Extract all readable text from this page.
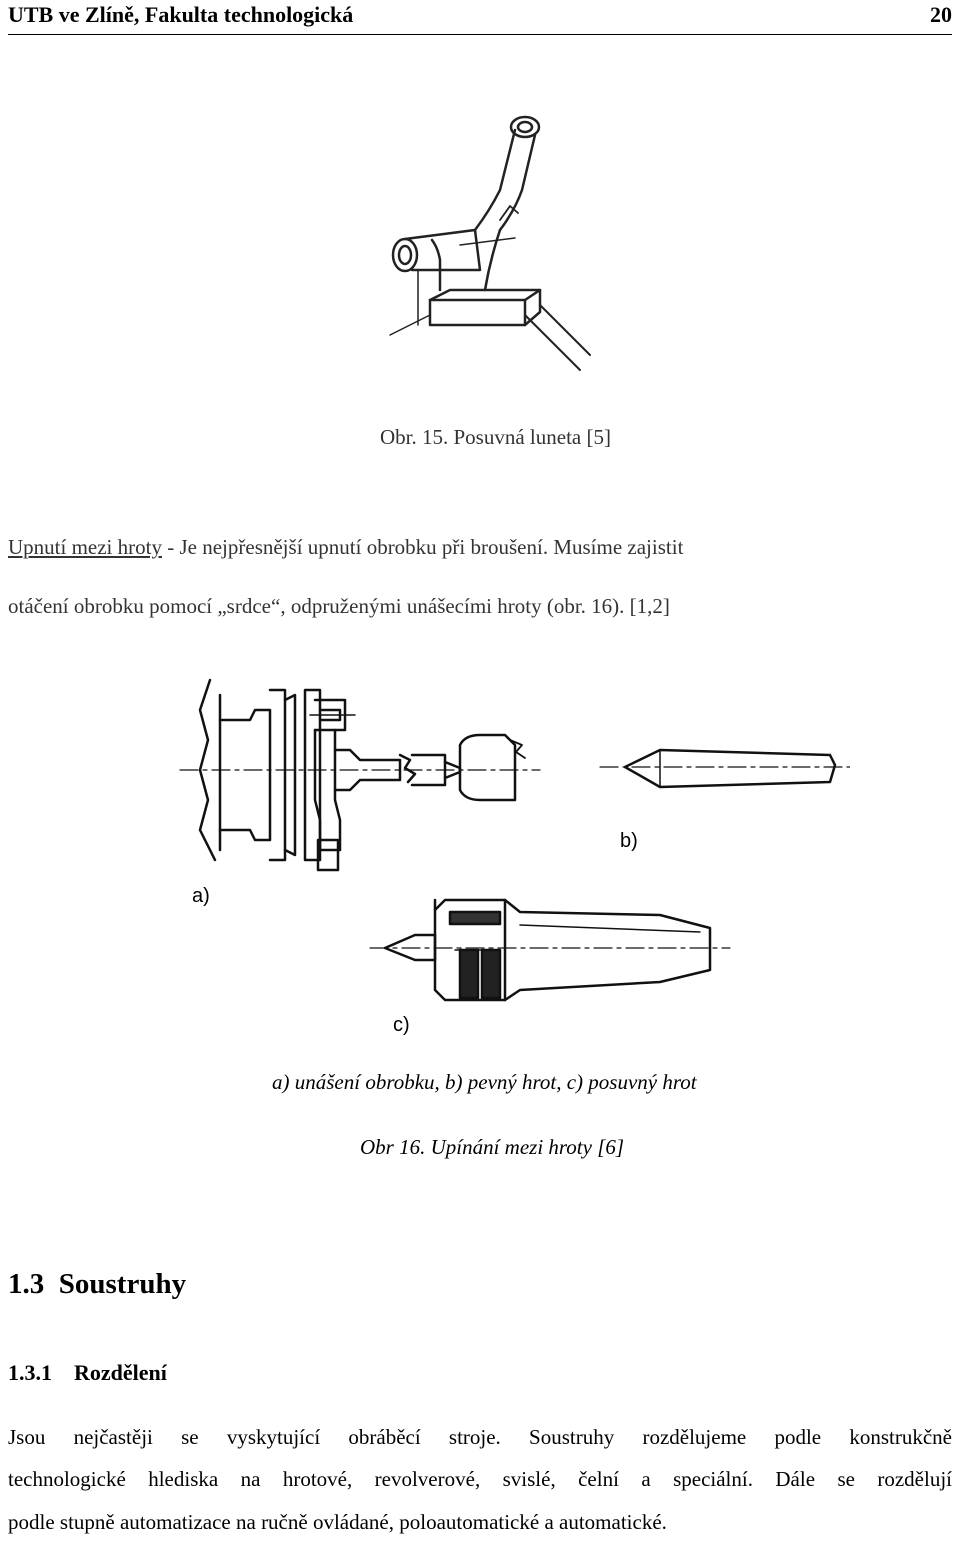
UTB ve Zlíně, Fakulta technologická	20
Obr. 15. Posuvná luneta [5]
Upnutí mezi hroty - Je nejpřesnější upnutí obrobku při broušení. Musíme zajistit
otáčení obrobku pomocí „srdce“, odpruženými unášecími hroty (obr. 16). [1,2]
a)
b)
c)
a) unášení obrobku, b) pevný hrot, c) posuvný hrot
Obr 16. Upínání mezi hroty [6]
1.3 Soustruhy
1.3.1 Rozdělení
Jsou nejčastěji se vyskytující obráběcí stroje. Soustruhy rozdělujeme podle konstrukčně
technologické hlediska na hrotové, revolverové, svislé, čelní a speciální. Dále se rozdělují
podle stupně automatizace na ručně ovládané, poloautomatické a automatické.
